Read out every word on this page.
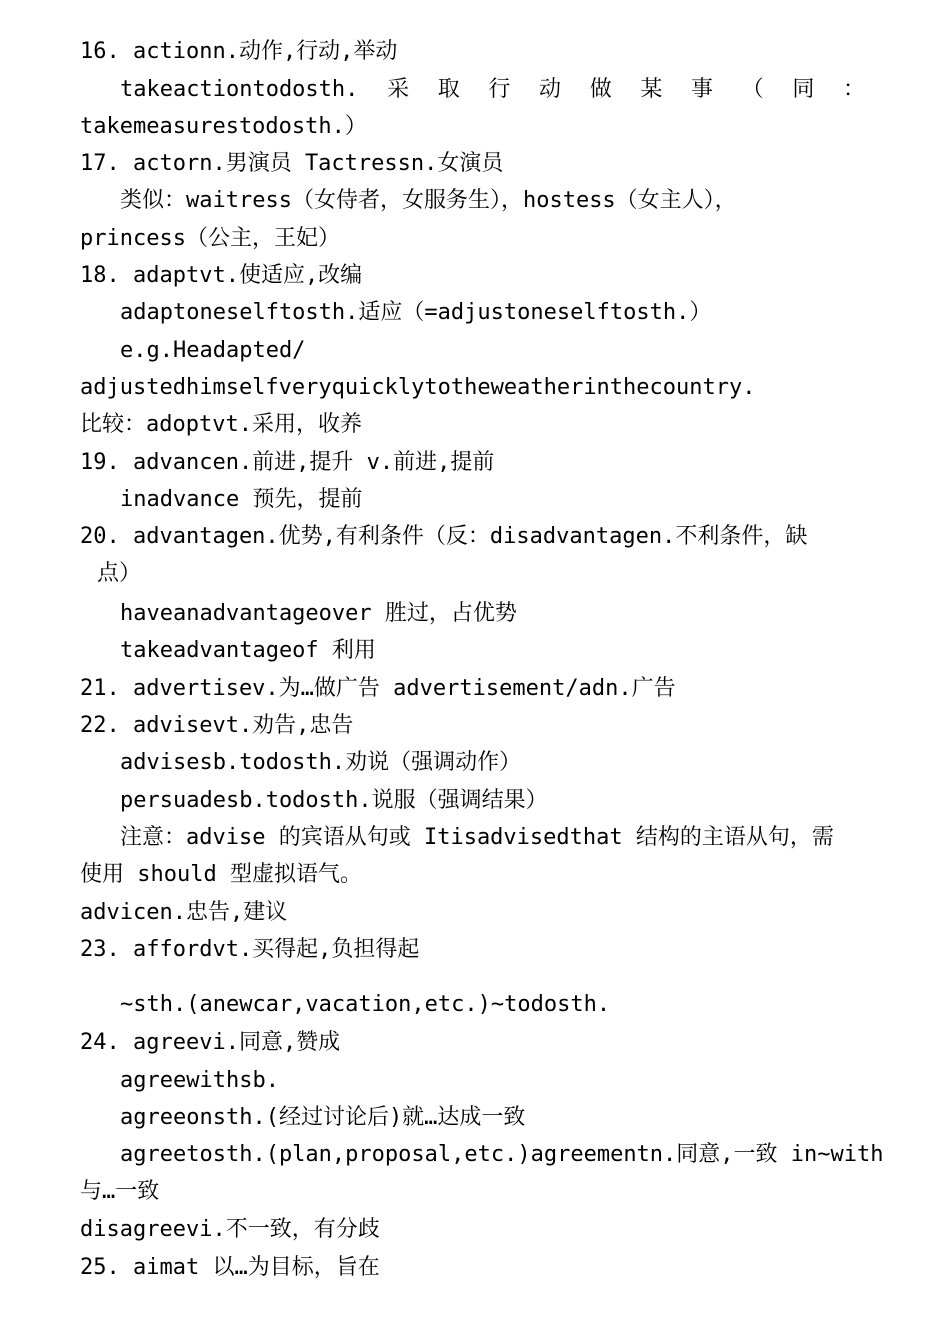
16. actionn.动作,行动,举动
takeactiontodosth. 采 取 行 动 做 某 事 （ 同 ：
takemeasurestodosth.）
17. actorn.男演员 Tactressn.女演员
类似：waitress（女侍者，女服务生），hostess（女主人），
princess（公主，王妃）
18. adaptvt.使适应,改编
adaptoneselftosth.适应（=adjustoneselftosth.）
e.g.Headapted/
adjustedhimselfveryquicklytotheweatherinthecountry.
比较：adoptvt.采用，收养
19. advancen.前进,提升 v.前进,提前
inadvance 预先，提前
20. advantagen.优势,有利条件（反：disadvantagen.不利条件，缺
点）
haveanadvantageover 胜过，占优势
takeadvantageof 利用
21. advertisev.为…做广告 advertisement/adn.广告
22. advisevt.劝告,忠告
advisesb.todosth.劝说（强调动作）
persuadesb.todosth.说服（强调结果）
注意：advise 的宾语从句或 Itisadvisedthat 结构的主语从句，需
使用 should 型虚拟语气。
advicen.忠告,建议
23. affordvt.买得起,负担得起
~sth.(anewcar,vacation,etc.)~todosth.
24. agreevi.同意,赞成
agreewithsb.
agreeonsth.(经过讨论后)就…达成一致
agreetosth.(plan,proposal,etc.)agreementn.同意,一致 in~with
与…一致
disagreevi.不一致，有分歧
25. aimat 以…为目标，旨在
